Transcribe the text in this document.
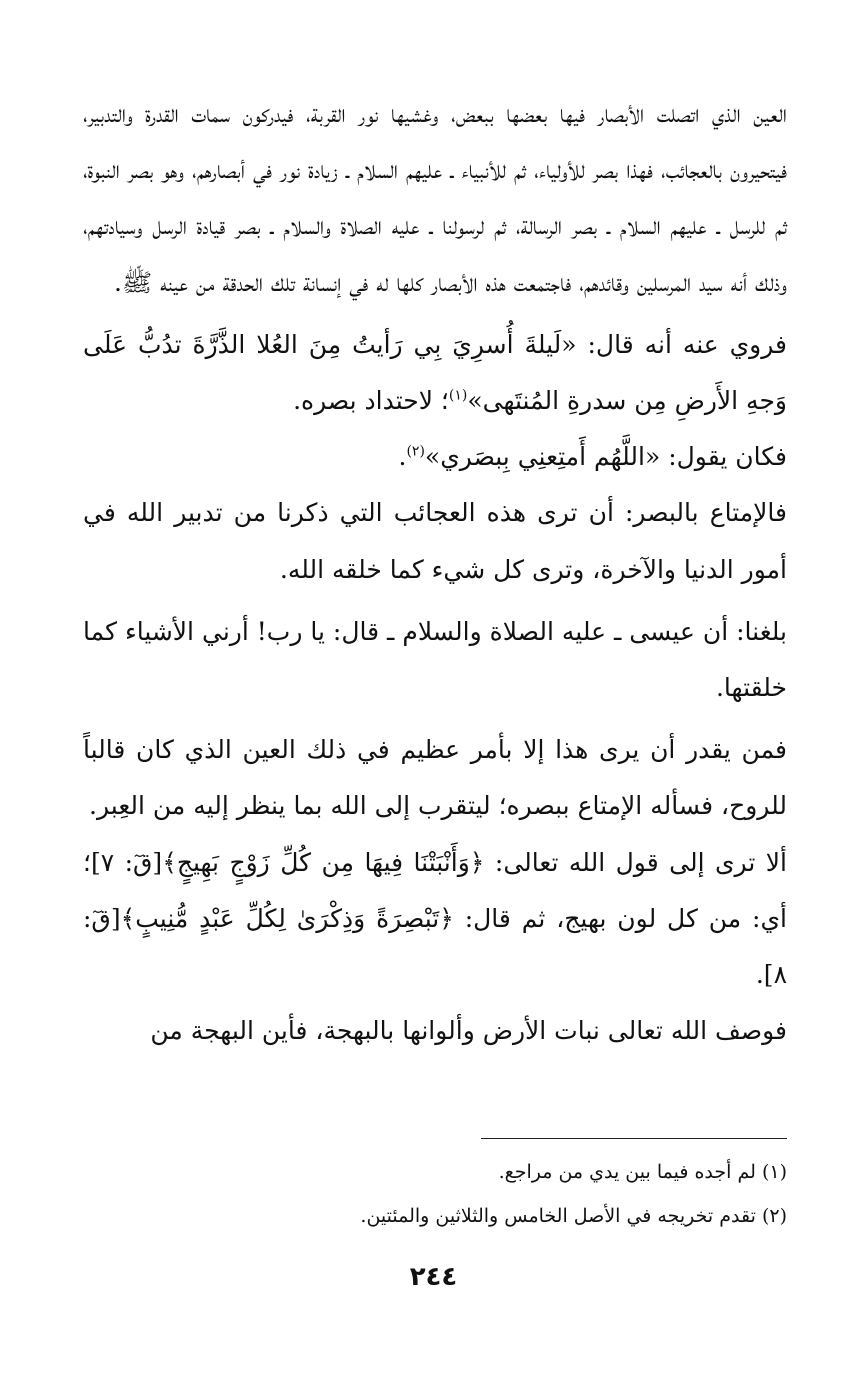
العين الذي اتصلت الأبصار فيها بعضها ببعض، وغشيها نور القربة، فيدركون سمات القدرة والتدبير، فيتحيرون بالعجائب، فهذا بصر للأولياء، ثم للأنبياء ـ عليهم السلام ـ زيادة نور في أبصارهم، وهو بصر النبوة، ثم للرسل ـ عليهم السلام ـ بصر الرسالة، ثم لرسولنا ـ عليه الصلاة والسلام ـ بصر قيادة الرسل وسيادتهم، وذلك أنه سيد المرسلين وقائدهم، فاجتمعت هذه الأبصار كلها له في إنسانة تلك الحدقة من عينه ﷺ.

فروي عنه أنه قال: «لَيلةَ أُسرِيَ بِي رَأيتُ مِنَ العُلا الذَّرَّةَ تدُبُّ عَلَى وَجهِ الأَرضِ مِن سدرةِ المُنتَهى»$^{(١)}$؛ لاحتداد بصره.

فكان يقول: «اللَّهُم أَمتِعنِي بِبصَري»$^{(٢)}$.

فالإمتاع بالبصر: أن ترى هذه العجائب التي ذكرنا من تدبير الله في أمور الدنيا والآخرة، وترى كل شيء كما خلقه الله.

بلغنا: أن عيسى ـ عليه الصلاة والسلام ـ قال: يا رب! أرني الأشياء كما خلقتها.

فمن يقدر أن يرى هذا إلا بأمر عظيم في ذلك العين الذي كان قالباً للروح، فسأله الإمتاع ببصره؛ ليتقرب إلى الله بما ينظر إليه من العِبر.

ألا ترى إلى قول الله تعالى: ﴿وَأَنْبَتْنَا فِيهَا مِن كُلِّ زَوْجٍ بَهِيجٍ﴾[قٓ: ٧]؛ أي: من كل لون بهيج، ثم قال: ﴿تَبْصِرَةً وَذِكْرَىٰ لِكُلِّ عَبْدٍ مُّنِيبٍ﴾[قٓ: ٨].

فوصف الله تعالى نبات الأرض وألوانها بالبهجة، فأين البهجة من

(١) لم أجده فيما بين يدي من مراجع.

(٢) تقدم تخريجه في الأصل الخامس والثلاثين والمئتين.

٢٤٤
